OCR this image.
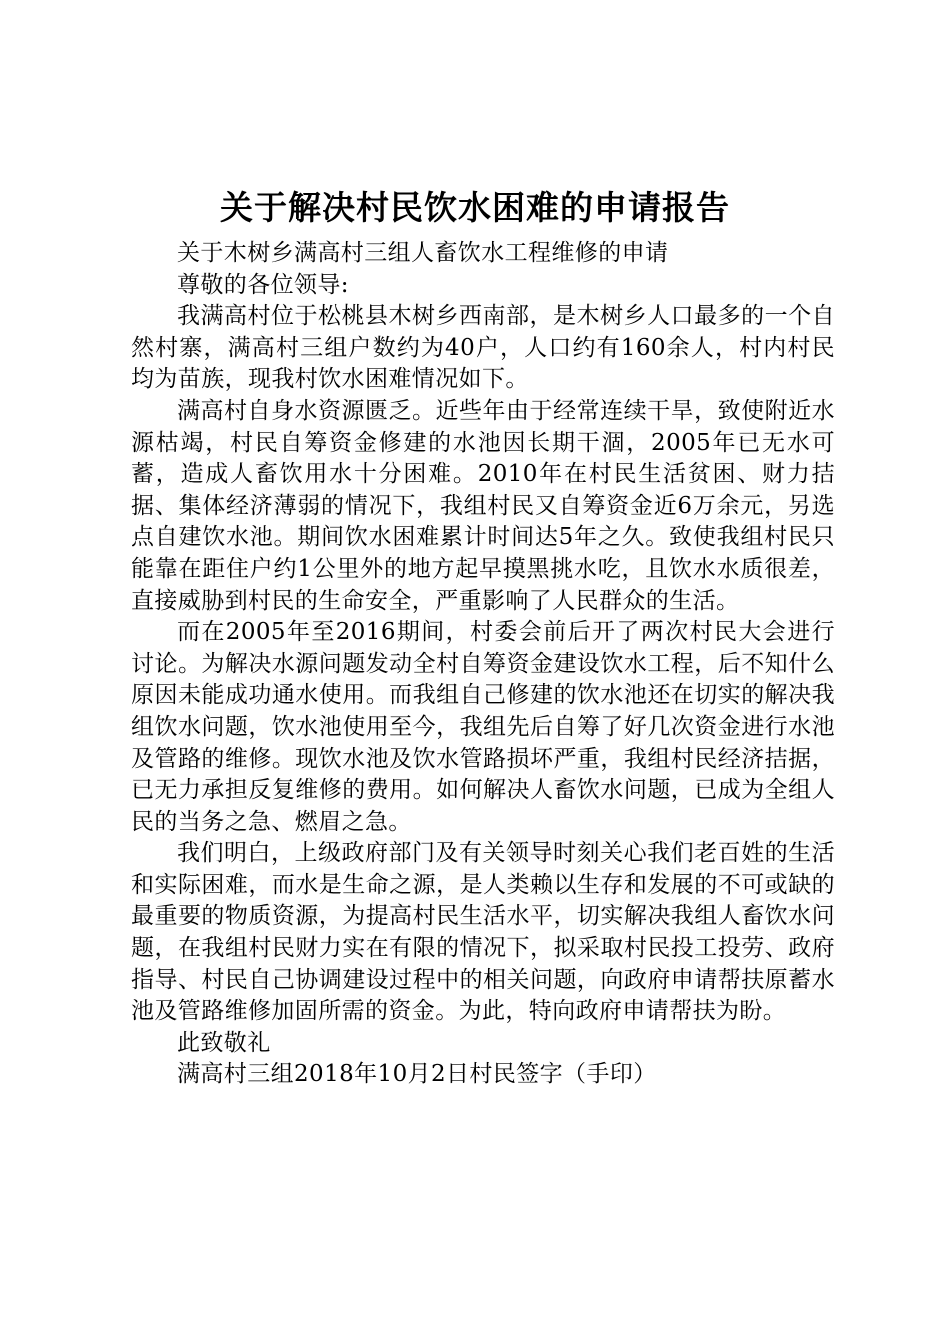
关于解决村民饮水困难的申请报告

关于木树乡满高村三组人畜饮水工程维修的申请

尊敬的各位领导:

我满高村位于松桃县木树乡西南部，是木树乡人口最多的一个自然村寨，满高村三组户数约为40户，人口约有160余人，村内村民均为苗族，现我村饮水困难情况如下。

满高村自身水资源匮乏。近些年由于经常连续干旱，致使附近水源枯竭，村民自筹资金修建的水池因长期干涸，2005年已无水可蓄，造成人畜饮用水十分困难。2010年在村民生活贫困、财力拮据、集体经济薄弱的情况下，我组村民又自筹资金近6万余元，另选点自建饮水池。期间饮水困难累计时间达5年之久。致使我组村民只能靠在距住户约1公里外的地方起早摸黑挑水吃，且饮水水质很差，直接威胁到村民的生命安全，严重影响了人民群众的生活。

而在2005年至2016期间，村委会前后开了两次村民大会进行讨论。为解决水源问题发动全村自筹资金建设饮水工程，后不知什么原因未能成功通水使用。而我组自己修建的饮水池还在切实的解决我组饮水问题，饮水池使用至今，我组先后自筹了好几次资金进行水池及管路的维修。现饮水池及饮水管路损坏严重，我组村民经济拮据，已无力承担反复维修的费用。如何解决人畜饮水问题，已成为全组人民的当务之急、燃眉之急。

我们明白，上级政府部门及有关领导时刻关心我们老百姓的生活和实际困难，而水是生命之源，是人类赖以生存和发展的不可或缺的最重要的物质资源，为提高村民生活水平，切实解决我组人畜饮水问题，在我组村民财力实在有限的情况下，拟采取村民投工投劳、政府指导、村民自己协调建设过程中的相关问题，向政府申请帮扶原蓄水池及管路维修加固所需的资金。为此，特向政府申请帮扶为盼。

此致敬礼

满高村三组2018年10月2日村民签字（手印）
